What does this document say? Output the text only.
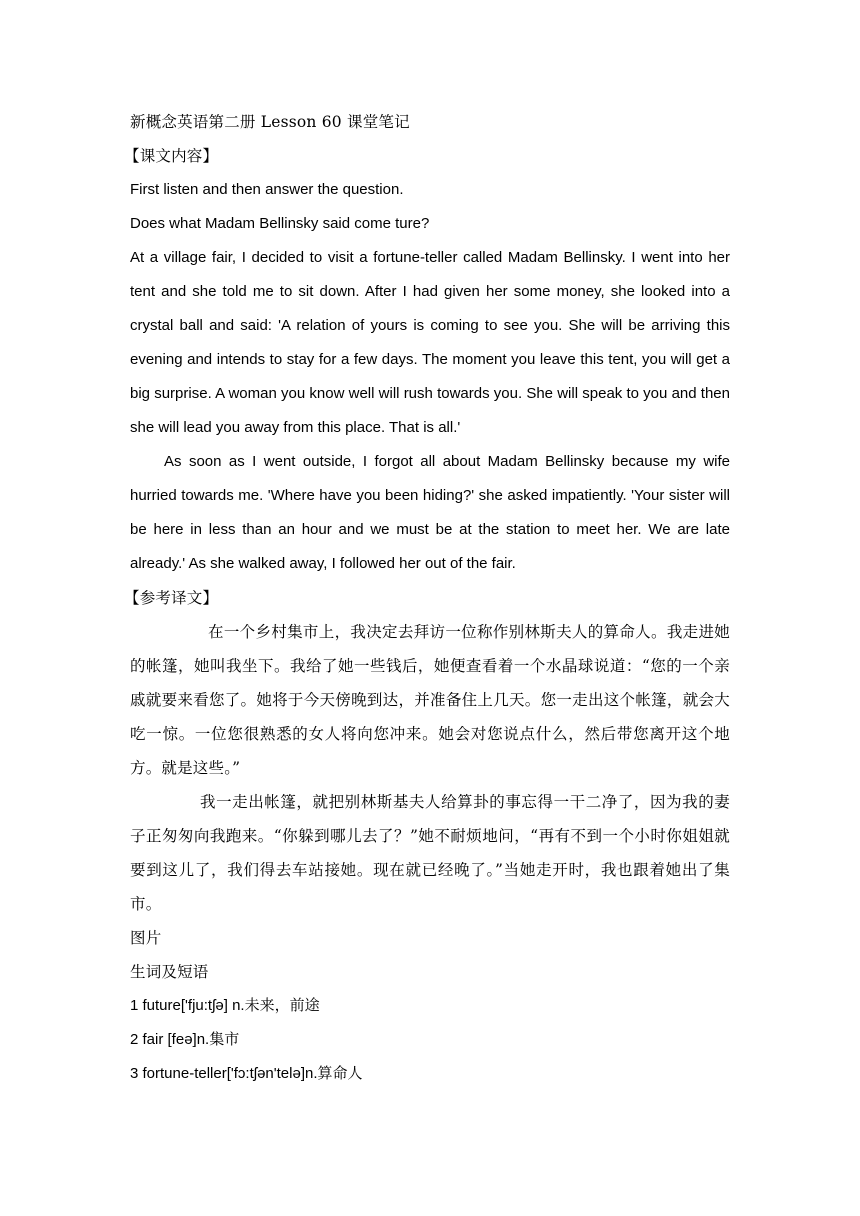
新概念英语第二册 Lesson 60 课堂笔记

【课文内容】

First listen and then answer the question.

Does what Madam Bellinsky said come ture?

At a village fair, I decided to visit a fortune-teller called Madam Bellinsky. I went into her tent and she told me to sit down. After I had given her some money, she looked into a crystal ball and said: 'A relation of yours is coming to see you. She will be arriving this evening and intends to stay for a few days. The moment you leave this tent, you will get a big surprise. A woman you know well will rush towards you. She will speak to you and then she will lead you away from this place. That is all.'

As soon as I went outside, I forgot all about Madam Bellinsky because my wife hurried towards me. 'Where have you been hiding?' she asked impatiently. 'Your sister will be here in less than an hour and we must be at the station to meet her. We are late already.' As she walked away, I followed her out of the fair.

【参考译文】

在一个乡村集市上，我决定去拜访一位称作别林斯夫人的算命人。我走进她的帐篷，她叫我坐下。我给了她一些钱后，她便查看着一个水晶球说道：“您的一个亲戚就要来看您了。她将于今天傍晚到达，并准备住上几天。您一走出这个帐篷，就会大吃一惊。一位您很熟悉的女人将向您冲来。她会对您说点什么，然后带您离开这个地方。就是这些。”

我一走出帐篷，就把别林斯基夫人给算卦的事忘得一干二净了，因为我的妻子正匆匆向我跑来。“你躲到哪儿去了？”她不耐烦地问，“再有不到一个小时你姐姐就要到这儿了，我们得去车站接她。现在就已经晚了。”当她走开时，我也跟着她出了集市。

图片

生词及短语

1 future['fju:tʃə] n.未来，前途

2 fair [feə]n.集市

3 fortune-teller['fɔ:tʃən'telə]n.算命人
